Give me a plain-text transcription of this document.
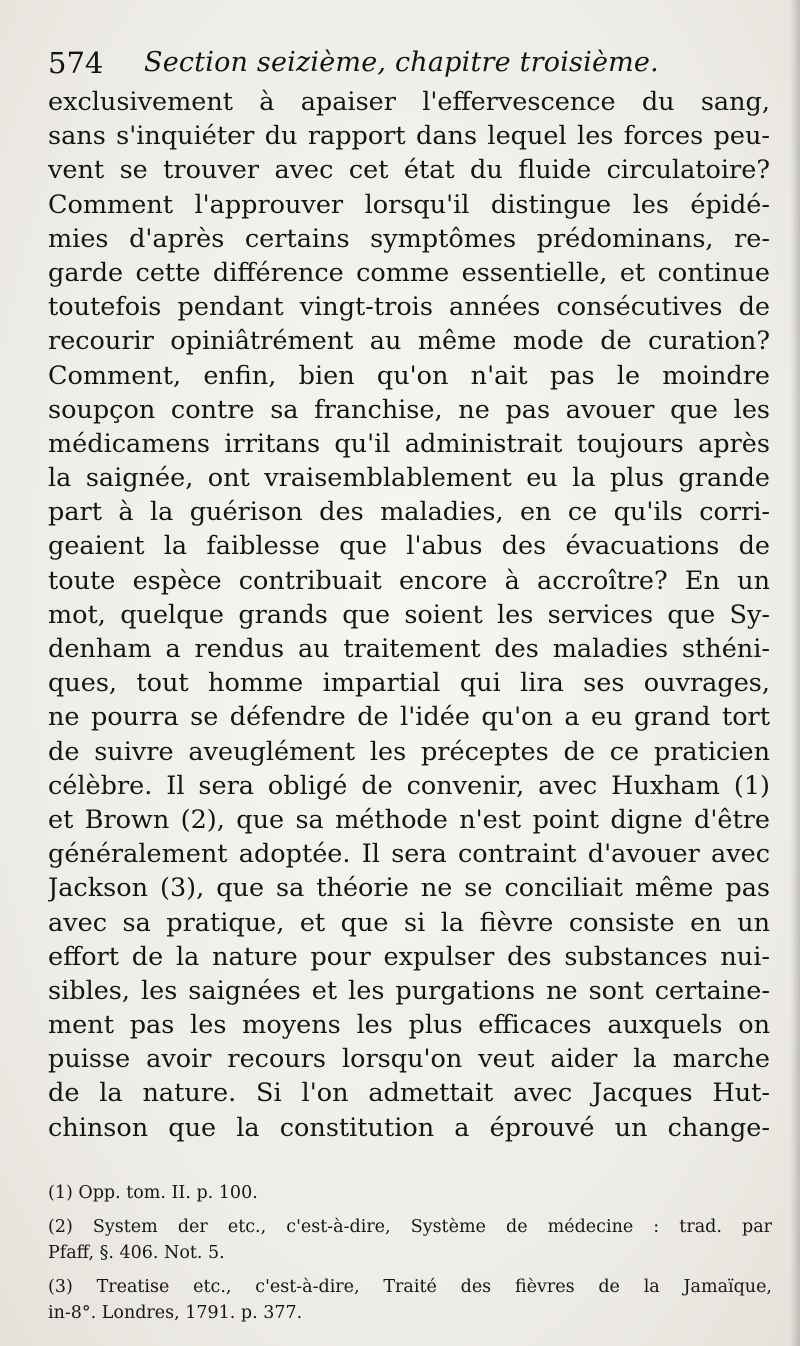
574 Section seizième, chapitre troisième.
exclusivement à apaiser l'effervescence du sang,
sans s'inquiéter du rapport dans lequel les forces peu-
vent se trouver avec cet état du fluide circulatoire?
Comment l'approuver lorsqu'il distingue les épidé-
mies d'après certains symptômes prédominans, re-
garde cette différence comme essentielle, et continue
toutefois pendant vingt-trois années consécutives de
recourir opiniâtrément au même mode de curation?
Comment, enfin, bien qu'on n'ait pas le moindre
soupçon contre sa franchise, ne pas avouer que les
médicamens irritans qu'il administrait toujours après
la saignée, ont vraisemblablement eu la plus grande
part à la guérison des maladies, en ce qu'ils corri-
geaient la faiblesse que l'abus des évacuations de
toute espèce contribuait encore à accroître? En un
mot, quelque grands que soient les services que Sy-
denham a rendus au traitement des maladies sthéni-
ques, tout homme impartial qui lira ses ouvrages,
ne pourra se défendre de l'idée qu'on a eu grand tort
de suivre aveuglément les préceptes de ce praticien
célèbre. Il sera obligé de convenir, avec Huxham (1)
et Brown (2), que sa méthode n'est point digne d'être
généralement adoptée. Il sera contraint d'avouer avec
Jackson (3), que sa théorie ne se conciliait même pas
avec sa pratique, et que si la fièvre consiste en un
effort de la nature pour expulser des substances nui-
sibles, les saignées et les purgations ne sont certaine-
ment pas les moyens les plus efficaces auxquels on
puisse avoir recours lorsqu'on veut aider la marche
de la nature. Si l'on admettait avec Jacques Hut-
chinson que la constitution a éprouvé un change-
(1) Opp. tom. II. p. 100.
(2) System der etc., c'est-à-dire, Système de médecine : trad. par
Pfaff, §. 406. Not. 5.
(3) Treatise etc., c'est-à-dire, Traité des fièvres de la Jamaïque,
in-8°. Londres, 1791. p. 377.
